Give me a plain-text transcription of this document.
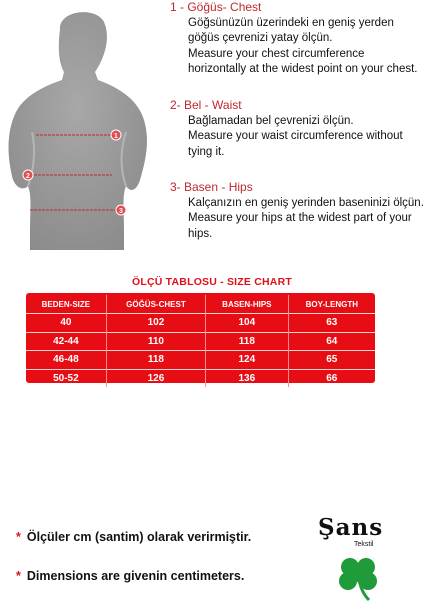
1
2
3
1 - Göğüs- Chest
Göğsünüzün üzerindeki en geniş yerden göğüs çevrenizi yatay ölçün.
Measure your chest circumference horizontally at the widest point on your chest.
2- Bel - Waist
Bağlamadan bel çevrenizi ölçün.
Measure your waist circumference without tying it.
3- Basen - Hips
Kalçanızın en geniş yerinden baseninizi ölçün.
Measure your hips at the widest part of your hips.
ÖLÇÜ TABLOSU - SIZE CHART
BEDEN-SIZE	GÖĞÜS-CHEST	BASEN-HIPS	BOY-LENGTH
40	102	104	63
42-44	110	118	64
46-48	118	124	65
50-52	126	136	66
* Ölçüler cm (santim) olarak verirmiştir.
* Dimensions are givenin centimeters.
Şans
Tekstil
